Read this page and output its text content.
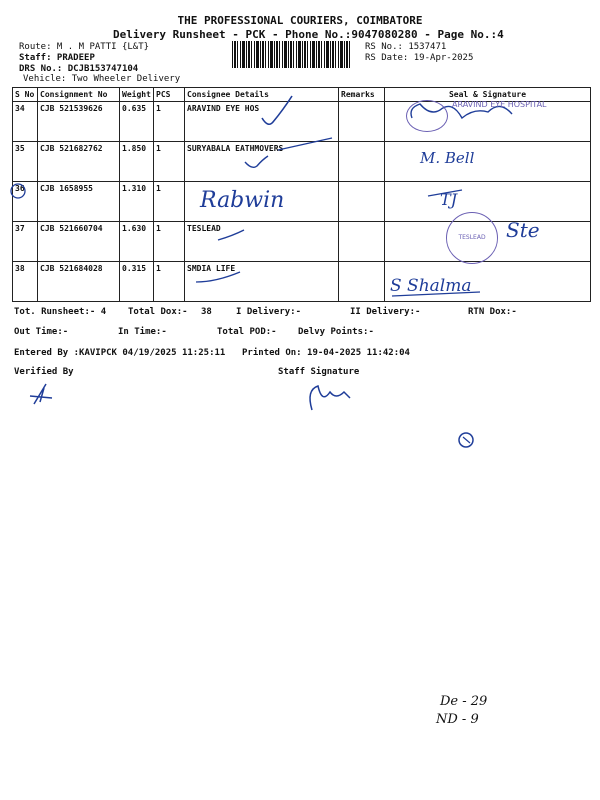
THE PROFESSIONAL COURIERS, COIMBATORE
Delivery Runsheet - PCK - Phone No.:9047080280 - Page No.:4
Route: M . M PATTI {L&T}
Staff: PRADEEP
DRS No.: DCJB153747104
Vehicle: Two Wheeler Delivery
RS No.: 1537471
RS Date: 19-Apr-2025
S No	Consignment No	Weight	PCS	Consignee Details	Remarks	Seal & Signature
34	CJB 521539626	0.635	1	ARAVIND EYE HOS		
35	CJB 521682762	1.850	1	SURYABALA EATHMOVERS		
36	CJB 1658955	1.310	1			
37	CJB 521660704	1.630	1	TESLEAD		
38	CJB 521684028	0.315	1	SMDIA LIFE		
Tot. Runsheet:- 4 Total Dox:- 38	I Delivery:-	II Delivery:-	RTN Dox:-
Out Time:-	In Time:-	Total POD:- Delvy Points:-
Entered By :KAVIPCK 04/19/2025 11:25:11 Printed On: 19-04-2025 11:42:04
Verified By	Staff Signature
Rabwin
M. Bell
TJ
Ste
S Shalma
De - 29
ND - 9
ARAVIND EYE HOSPITAL
TESLEAD
